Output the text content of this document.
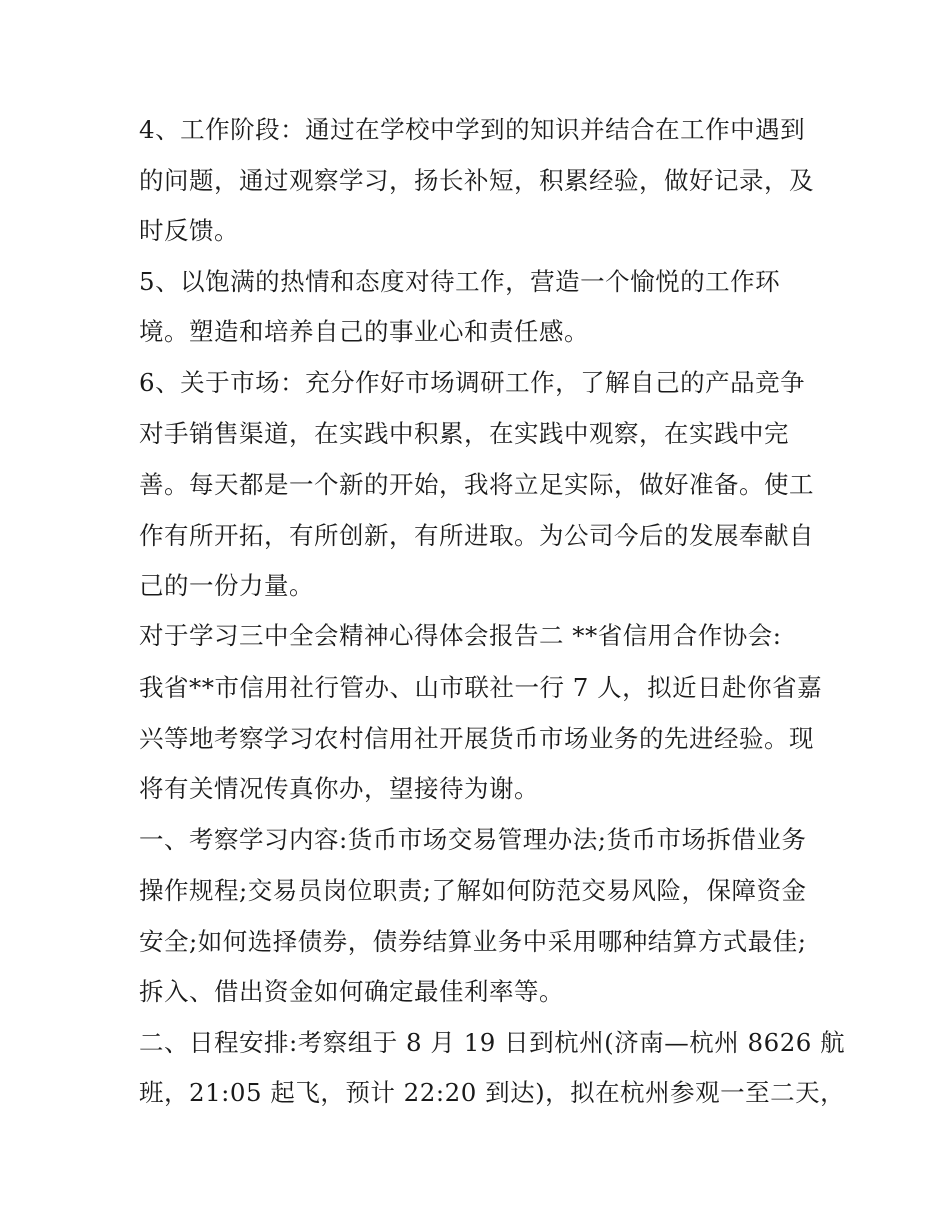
4、工作阶段：通过在学校中学到的知识并结合在工作中遇到
的问题，通过观察学习，扬长补短，积累经验，做好记录，及
时反馈。
5、以饱满的热情和态度对待工作，营造一个愉悦的工作环
境。塑造和培养自己的事业心和责任感。
6、关于市场：充分作好市场调研工作，了解自己的产品竞争
对手销售渠道，在实践中积累，在实践中观察，在实践中完
善。每天都是一个新的开始，我将立足实际，做好准备。使工
作有所开拓，有所创新，有所进取。为公司今后的发展奉献自
己的一份力量。
对于学习三中全会精神心得体会报告二 **省信用合作协会:
我省**市信用社行管办、山市联社一行 7 人，拟近日赴你省嘉
兴等地考察学习农村信用社开展货币市场业务的先进经验。现
将有关情况传真你办，望接待为谢。
一、考察学习内容:货币市场交易管理办法;货币市场拆借业务
操作规程;交易员岗位职责;了解如何防范交易风险，保障资金
安全;如何选择债券，债券结算业务中采用哪种结算方式最佳;
拆入、借出资金如何确定最佳利率等。
二、日程安排:考察组于 8 月 19 日到杭州(济南—杭州 8626 航
班，21:05 起飞，预计 22:20 到达)，拟在杭州参观一至二天，
